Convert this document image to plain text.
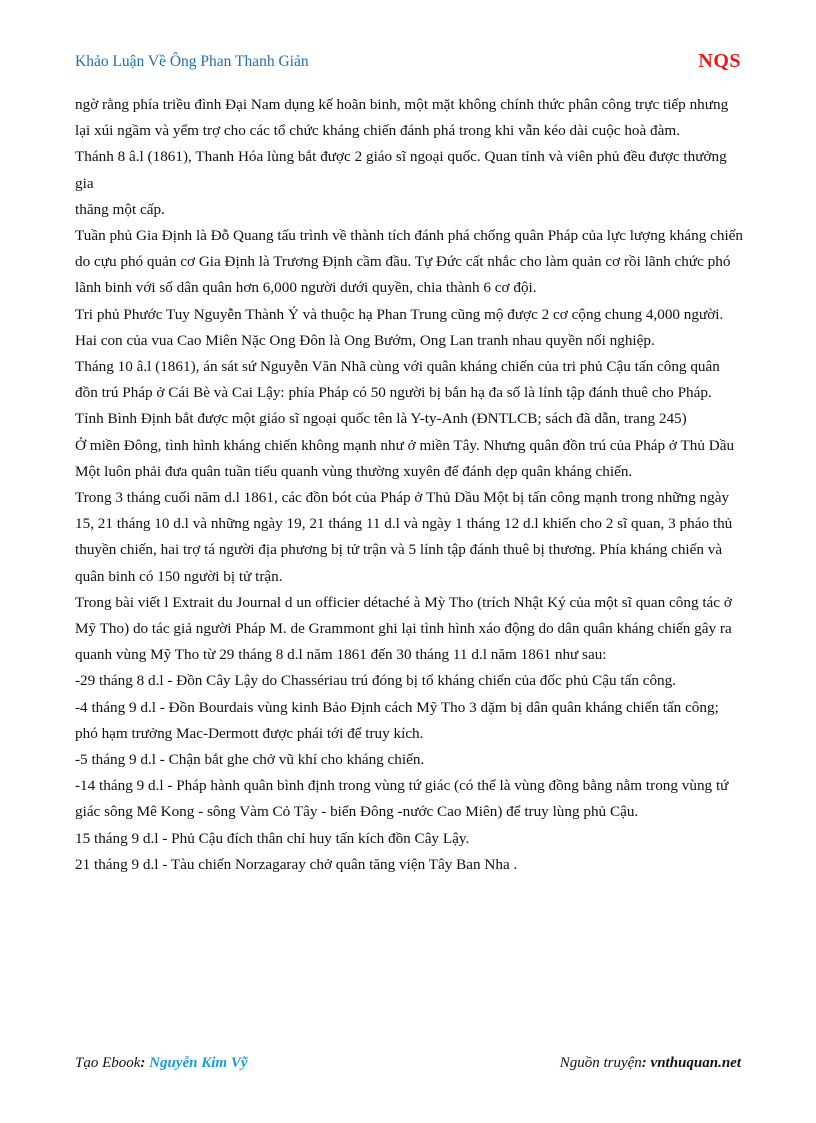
Khảo Luận Về Ông Phan Thanh Giản	NQS

ngờ rằng phía triều đình Đại Nam dụng kế hoãn binh, một mặt không chính thức phân công trực tiếp nhưng lại xúi ngầm và yểm trợ cho các tổ chức kháng chiến đánh phá trong khi vẫn kéo dài cuộc hoà đàm.

Thánh 8 â.l (1861), Thanh Hóa lùng bắt được 2 giáo sĩ ngoại quốc. Quan tỉnh và viên phủ đều được thưởng gia

thăng một cấp.

Tuần phủ Gia Định là Đỗ Quang tấu trình về thành tích đánh phá chống quân Pháp của lực lượng kháng chiến do cựu phó quản cơ Gia Định là Trương Định cầm đầu. Tự Đức cất nhắc cho làm quản cơ rồi lãnh chức phó lãnh binh với số dân quân hơn 6,000 người dưới quyền, chia thành 6 cơ đội.

Tri phủ Phước Tuy Nguyễn Thành Ý và thuộc hạ Phan Trung cũng mộ được 2 cơ cộng chung 4,000 người.

Hai con của vua Cao Miên Nặc Ong Đôn là Ong Bướm, Ong Lan tranh nhau quyền nối nghiệp.

Tháng 10 â.l (1861), án sát sứ Nguyễn Văn Nhã cùng với quân kháng chiến của tri phủ Cậu tấn công quân đồn trú Pháp ở Cái Bè và Cai Lậy: phía Pháp có 50 người bị bắn hạ đa số là lính tập đánh thuê cho Pháp.

Tỉnh Bình Định bắt được một giáo sĩ ngoại quốc tên là Y-ty-Anh (ĐNTLCB; sách đã dẫn, trang 245)

Ở miền Đông, tình hình kháng chiến không mạnh như ở miền Tây. Nhưng quân đồn trú của Pháp ở Thủ Dầu Một luôn phải đưa quân tuần tiểu quanh vùng thường xuyên để đánh dẹp quân kháng chiến.

Trong 3 tháng cuối năm d.l 1861, các đồn bót của Pháp ở Thủ Dầu Một bị tấn công mạnh trong những ngày 15, 21 tháng 10 d.l và những ngày 19, 21 tháng 11 d.l và ngày 1 tháng 12 d.l khiến cho 2 sĩ quan, 3 pháo thủ thuyền chiến, hai trợ tá người địa phương bị tử trận và 5 lính tập đánh thuê bị thương. Phía kháng chiến và quân binh có 150 người bị tử trận.

Trong bài viết l Extrait du Journal d un officier détaché à Mỳ Tho (trích Nhật Ký của một sĩ quan công tác ở Mỹ Tho) do tác giả người Pháp M. de Grammont ghi lại tình hình xáo động do dân quân kháng chiến gây ra quanh vùng Mỹ Tho từ 29 tháng 8 d.l năm 1861 đến 30 tháng 11 d.l năm 1861 như sau:

-29 tháng 8 d.l - Đồn Cây Lậy do Chassériau trú đóng bị tổ kháng chiến của đốc phủ Cậu tấn công.

-4 tháng 9 d.l - Đồn Bourdais vùng kinh Bảo Định cách Mỹ Tho 3 dặm bị dân quân kháng chiến tấn công; phó hạm trưởng Mac-Dermott được phái tới để truy kích.

-5 tháng 9 d.l - Chận bắt ghe chở vũ khí cho kháng chiến.

-14 tháng 9 d.l - Pháp hành quân bình định trong vùng tứ giác (có thể là vùng đồng bằng nằm trong vùng tứ giác sông Mê Kong - sông Vàm Cỏ Tây - biển Đông -nước Cao Miên) để truy lùng phủ Cậu.

15 tháng 9 d.l - Phủ Cậu đích thân chỉ huy tấn kích đồn Cây Lậy.

21 tháng 9 d.l - Tàu chiến Norzagaray chở quân tăng viện Tây Ban Nha .

Tạo Ebook: Nguyễn Kim Vỹ	Nguồn truyện: vnthuquan.net
